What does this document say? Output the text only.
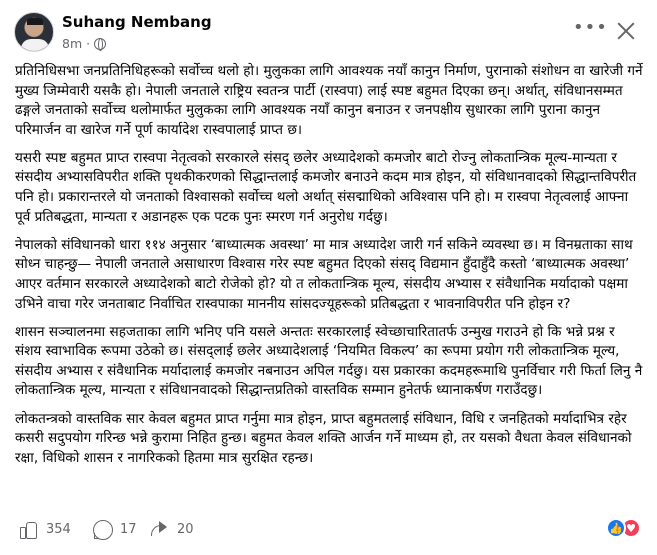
Suhang Nembang
8m ·
•••

प्रतिनिधिसभा जनप्रतिनिधिहरूको सर्वोच्च थलो हो। मुलुकका लागि आवश्यक नयाँ कानुन निर्माण, पुरानाको संशोधन वा खारेजी गर्ने मुख्य जिम्मेवारी यसकै हो। नेपाली जनताले राष्ट्रिय स्वतन्त्र पार्टी (रास्वपा) लाई स्पष्ट बहुमत दिएका छन्। अर्थात्, संविधानसम्मत ढङ्गले जनताको सर्वोच्च थलोमार्फत मुलुकका लागि आवश्यक नयाँ कानुन बनाउन र जनपक्षीय सुधारका लागि पुराना कानुन परिमार्जन वा खारेज गर्ने पूर्ण कार्यादेश रास्वपालाई प्राप्त छ।

यसरी स्पष्ट बहुमत प्राप्त रास्वपा नेतृत्वको सरकारले संसद् छलेर अध्यादेशको कमजोर बाटो रोज्नु लोकतान्त्रिक मूल्य-मान्यता र संसदीय अभ्यासविपरीत शक्ति पृथकीकरणको सिद्धान्तलाई कमजोर बनाउने कदम मात्र होइन, यो संविधानवादको सिद्धान्तविपरीत पनि हो। प्रकारान्तरले यो जनताको विश्वासको सर्वोच्च थलो अर्थात् संसद्माथिको अविश्वास पनि हो। म रास्वपा नेतृत्वलाई आफ्ना पूर्व प्रतिबद्धता, मान्यता र अडानहरू एक पटक पुनः स्मरण गर्न अनुरोध गर्दछु।

नेपालको संविधानको धारा ११४ अनुसार ‘बाध्यात्मक अवस्था’ मा मात्र अध्यादेश जारी गर्न सकिने व्यवस्था छ। म विनम्रताका साथ सोध्न चाहन्छु— नेपाली जनताले असाधारण विश्वास गरेर स्पष्ट बहुमत दिएको संसद् विद्यमान हुँदाहुँदै कस्तो ‘बाध्यात्मक अवस्था’ आएर वर्तमान सरकारले अध्यादेशको बाटो रोजेको हो? यो त लोकतान्त्रिक मूल्य, संसदीय अभ्यास र संवैधानिक मर्यादाको पक्षमा उभिने वाचा गरेर जनताबाट निर्वाचित रास्वपाका माननीय सांसदज्यूहरूको प्रतिबद्धता र भावनाविपरीत पनि होइन र?

शासन सञ्चालनमा सहजताका लागि भनिए पनि यसले अन्ततः सरकारलाई स्वेच्छाचारितातर्फ उन्मुख गराउने हो कि भन्ने प्रश्न र संशय स्वाभाविक रूपमा उठेको छ। संसद्लाई छलेर अध्यादेशलाई ‘नियमित विकल्प’ का रूपमा प्रयोग गरी लोकतान्त्रिक मूल्य, संसदीय अभ्यास र संवैधानिक मर्यादालाई कमजोर नबनाउन अपिल गर्दछु। यस प्रकारका कदमहरूमाथि पुनर्विचार गरी फिर्ता लिनु नै लोकतान्त्रिक मूल्य, मान्यता र संविधानवादको सिद्धान्तप्रतिको वास्तविक सम्मान हुनेतर्फ ध्यानाकर्षण गराउँदछु।

लोकतन्त्रको वास्तविक सार केवल बहुमत प्राप्त गर्नुमा मात्र होइन, प्राप्त बहुमतलाई संविधान, विधि र जनहितको मर्यादाभित्र रहेर कसरी सदुपयोग गरिन्छ भन्ने कुरामा निहित हुन्छ। बहुमत केवल शक्ति आर्जन गर्ने माध्यम हो, तर यसको वैधता केवल संविधानको रक्षा, विधिको शासन र नागरिकको हितमा मात्र सुरक्षित रहन्छ।

354	17	20	👍 ♥
